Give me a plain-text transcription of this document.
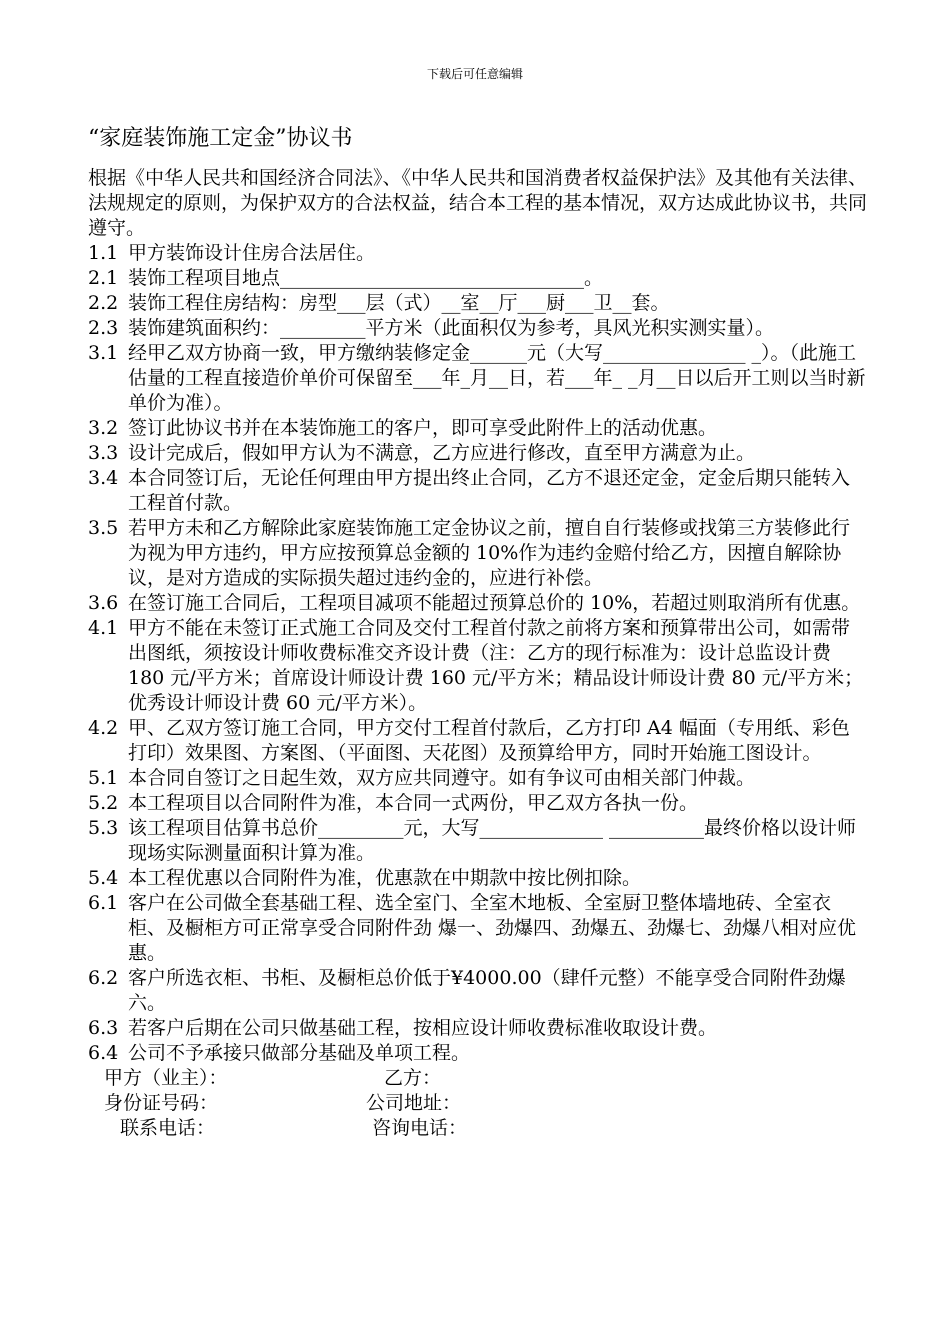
下载后可任意编辑
“家庭装饰施工定金”协议书
根据《中华人民共和国经济合同法》、《中华人民共和国消费者权益保护法》及其他有关法律、法规规定的原则，为保护双方的合法权益，结合本工程的基本情况，双方达成此协议书，共同遵守。
1.1 甲方装饰设计住房合法居住。
2.1 装饰工程项目地点________________________________。
2.2 装饰工程住房结构：房型___层（式）__室__厅___厨___卫__套。
2.3 装饰建筑面积约：_________平方米（此面积仅为参考，具风光积实测实量）。
3.1 经甲乙双方协商一致，甲方缴纳装修定金______元（大写_______________ _）。（此施工估量的工程直接造价单价可保留至___年_月__日，若___年_ _月__日以后开工则以当时新单价为准）。
3.2 签订此协议书并在本装饰施工的客户，即可享受此附件上的活动优惠。
3.3 设计完成后，假如甲方认为不满意，乙方应进行修改，直至甲方满意为止。
3.4 本合同签订后，无论任何理由甲方提出终止合同，乙方不退还定金，定金后期只能转入工程首付款。
3.5 若甲方未和乙方解除此家庭装饰施工定金协议之前，擅自自行装修或找第三方装修此行为视为甲方违约，甲方应按预算总金额的 10%作为违约金赔付给乙方，因擅自解除协议，是对方造成的实际损失超过违约金的，应进行补偿。
3.6 在签订施工合同后，工程项目减项不能超过预算总价的 10%，若超过则取消所有优惠。
4.1 甲方不能在未签订正式施工合同及交付工程首付款之前将方案和预算带出公司，如需带出图纸，须按设计师收费标准交齐设计费（注：乙方的现行标准为：设计总监设计费 180 元/平方米；首席设计师设计费 160 元/平方米；精品设计师设计费 80 元/平方米；优秀设计师设计费 60 元/平方米）。
4.2 甲、乙双方签订施工合同，甲方交付工程首付款后，乙方打印 A4 幅面（专用纸、彩色打印）效果图、方案图、（平面图、天花图）及预算给甲方，同时开始施工图设计。
5.1 本合同自签订之日起生效，双方应共同遵守。如有争议可由相关部门仲裁。
5.2 本工程项目以合同附件为准，本合同一式两份，甲乙双方各执一份。
5.3 该工程项目估算书总价_________元，大写_____________ __________最终价格以设计师现场实际测量面积计算为准。
5.4 本工程优惠以合同附件为准，优惠款在中期款中按比例扣除。
6.1 客户在公司做全套基础工程、选全室门、全室木地板、全室厨卫整体墙地砖、全室衣柜、及橱柜方可正常享受合同附件劲 爆一、劲爆四、劲爆五、劲爆七、劲爆八相对应优惠。
6.2 客户所选衣柜、书柜、及橱柜总价低于¥4000.00（肆仟元整）不能享受合同附件劲爆六。
6.3 若客户后期在公司只做基础工程，按相应设计师收费标准收取设计费。
6.4 公司不予承接只做部分基础及单项工程。
甲方（业主）：	乙方：
身份证号码：	公司地址：
联系电话：	咨询电话：
